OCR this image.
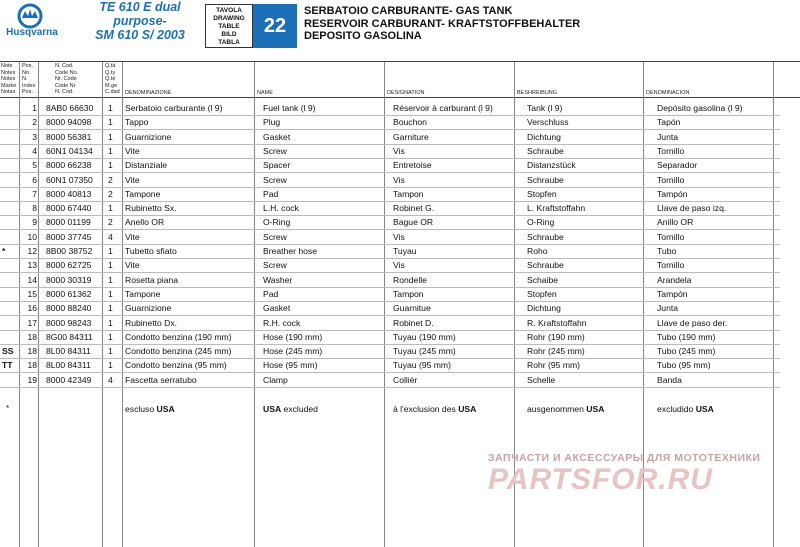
Husqvarna
TE 610 E dual
purpose-
SM 610 S/ 2003
TAVOLA
DRAWING
TABLE
BILD
TABLA
22
SERBATOIO CARBURANTE- GAS TANK
RESERVOIR CARBURANT- KRAFTSTOFFBEHALTER
DEPOSITO GASOLINA
Note
Notes
Notes
Marke
Notas
Pos.
No.
N.
Index
Pos.
N. Cod.
Code No.
Nr. Code
Code Nr
N. Cod.
Q.tà
Q.ty
Q.té
M.ge
C.dad DENOMINAZIONE	NAME	DESIGNATION	BESHREIBUNG	DENOMINACION
1 8AB0 66630 1 Serbatoio carburante (l 9)	Fuel tank (l 9)	Réservoir à carburant (l 9)	Tank (l 9)	Depósito gasolina (l 9)
2 8000 94098 1 Tappo	Plug	Bouchon	Verschluss	Tapón
3 8000 56381 1 Guarnizione	Gasket	Garniture	Dichtung	Junta
4 60N1 04134 1 Vite	Screw	Vis	Schraube	Tornillo
5 8000 66238 1 Distanziale	Spacer	Entretoise	Distanzstück	Separador
6 60N1 07350 2 Vite	Screw	Vis	Schraube	Tornillo
7 8000 40813 2 Tampone	Pad	Tampon	Stopfen	Tampón
8 8000 67440 1 Rubinetto Sx.	L.H. cock	Robinet G.	L. Kraftstoffahn	Llave de paso izq.
9 8000 01199 2 Anello OR	O-Ring	Bague OR	O-Ring	Anillo OR
10 8000 37745 4 Vite	Screw	Vis	Schraube	Tornillo
*	12 8B00 38752 1 Tubetto sfiato	Breather hose	Tuyau	Roho	Tubo
13 8000 62725 1 Vite	Screw	Vis	Schraube	Tornillo
14 8000 30319 1 Rosetta piana	Washer	Rondelle	Schaibe	Arandela
15 8000 61362 1 Tampone	Pad	Tampon	Stopfen	Tampón
16 8000 88240 1 Guarnizione	Gasket	Guarnitue	Dichtung	Junta
17 8000 98243 1 Rubinetto Dx.	R.H. cock	Robinet D.	R. Kraftstoffahn	Llave de paso der.
18 8G00 84311 1 Condotto benzina (190 mm)	Hose (190 mm)	Tuyau (190 mm)	Rohr (190 mm)	Tubo (190 mm)
SS	18 8L00 84311 1 Condotto benzina (245 mm)	Hose (245 mm)	Tuyau (245 mm)	Rohr (245 mm)	Tubo (245 mm)
TT	18 8L00 84311 1 Condotto benzina (95 mm)	Hose (95 mm)	Tuyau (95 mm)	Rohr (95 mm)	Tubo (95 mm)
19 8000 42349 4 Fascetta serratubo	Clamp	Collièr	Schelle	Banda
*	escluso USA	USA excluded	à l'exclusion des USA	ausgenommen USA	excludido USA
ЗАПЧАСТИ И АКСЕССУАРЫ ДЛЯ МОТОТЕХНИКИ
PARTSFOR.RU
